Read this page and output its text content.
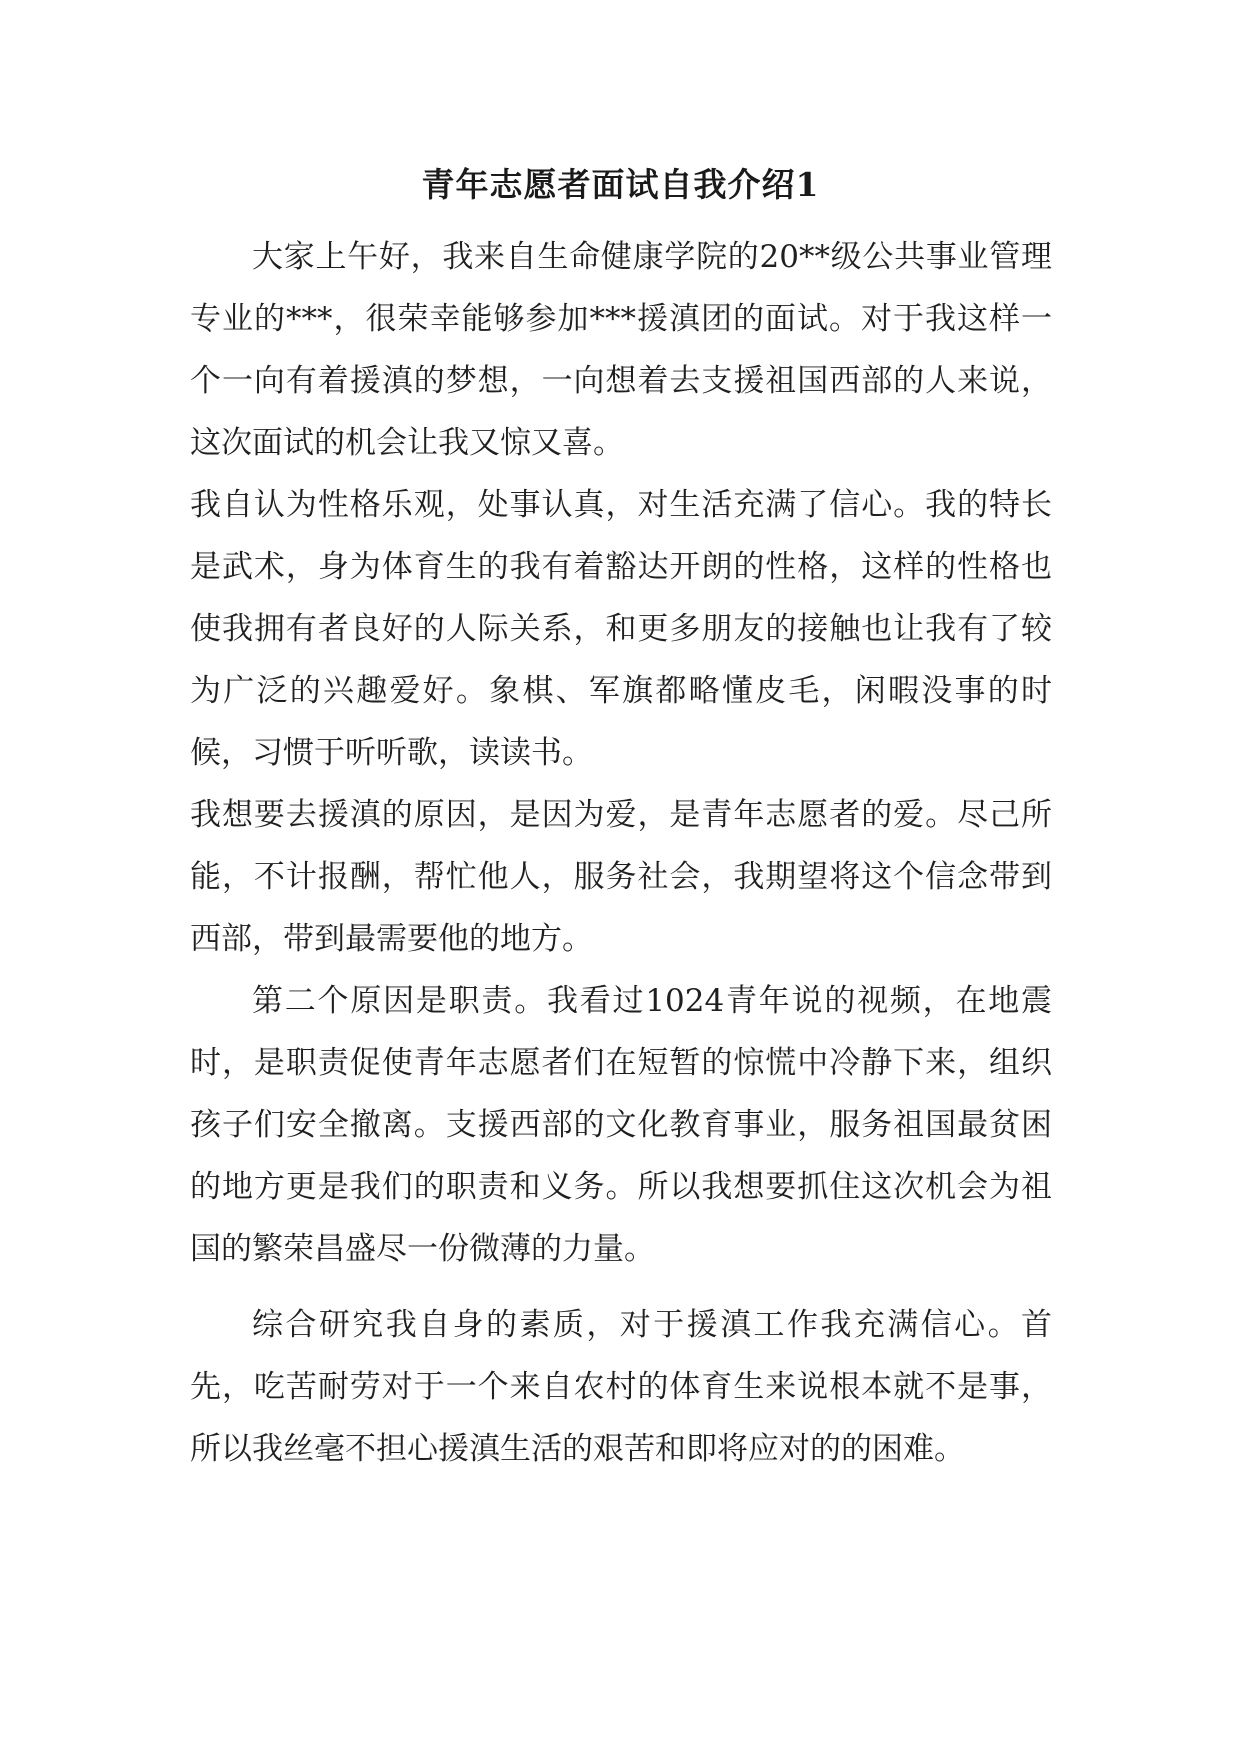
青年志愿者面试自我介绍1

大家上午好，我来自生命健康学院的20**级公共事业管理专业的***，很荣幸能够参加***援滇团的面试。对于我这样一个一向有着援滇的梦想，一向想着去支援祖国西部的人来说，这次面试的机会让我又惊又喜。

我自认为性格乐观，处事认真，对生活充满了信心。我的特长是武术，身为体育生的我有着豁达开朗的性格，这样的性格也使我拥有者良好的人际关系，和更多朋友的接触也让我有了较为广泛的兴趣爱好。象棋、军旗都略懂皮毛，闲暇没事的时候，习惯于听听歌，读读书。

我想要去援滇的原因，是因为爱，是青年志愿者的爱。尽己所能，不计报酬，帮忙他人，服务社会，我期望将这个信念带到西部，带到最需要他的地方。

第二个原因是职责。我看过1024青年说的视频，在地震时，是职责促使青年志愿者们在短暂的惊慌中冷静下来，组织孩子们安全撤离。支援西部的文化教育事业，服务祖国最贫困的地方更是我们的职责和义务。所以我想要抓住这次机会为祖国的繁荣昌盛尽一份微薄的力量。

综合研究我自身的素质，对于援滇工作我充满信心。首先，吃苦耐劳对于一个来自农村的体育生来说根本就不是事，所以我丝毫不担心援滇生活的艰苦和即将应对的的困难。
